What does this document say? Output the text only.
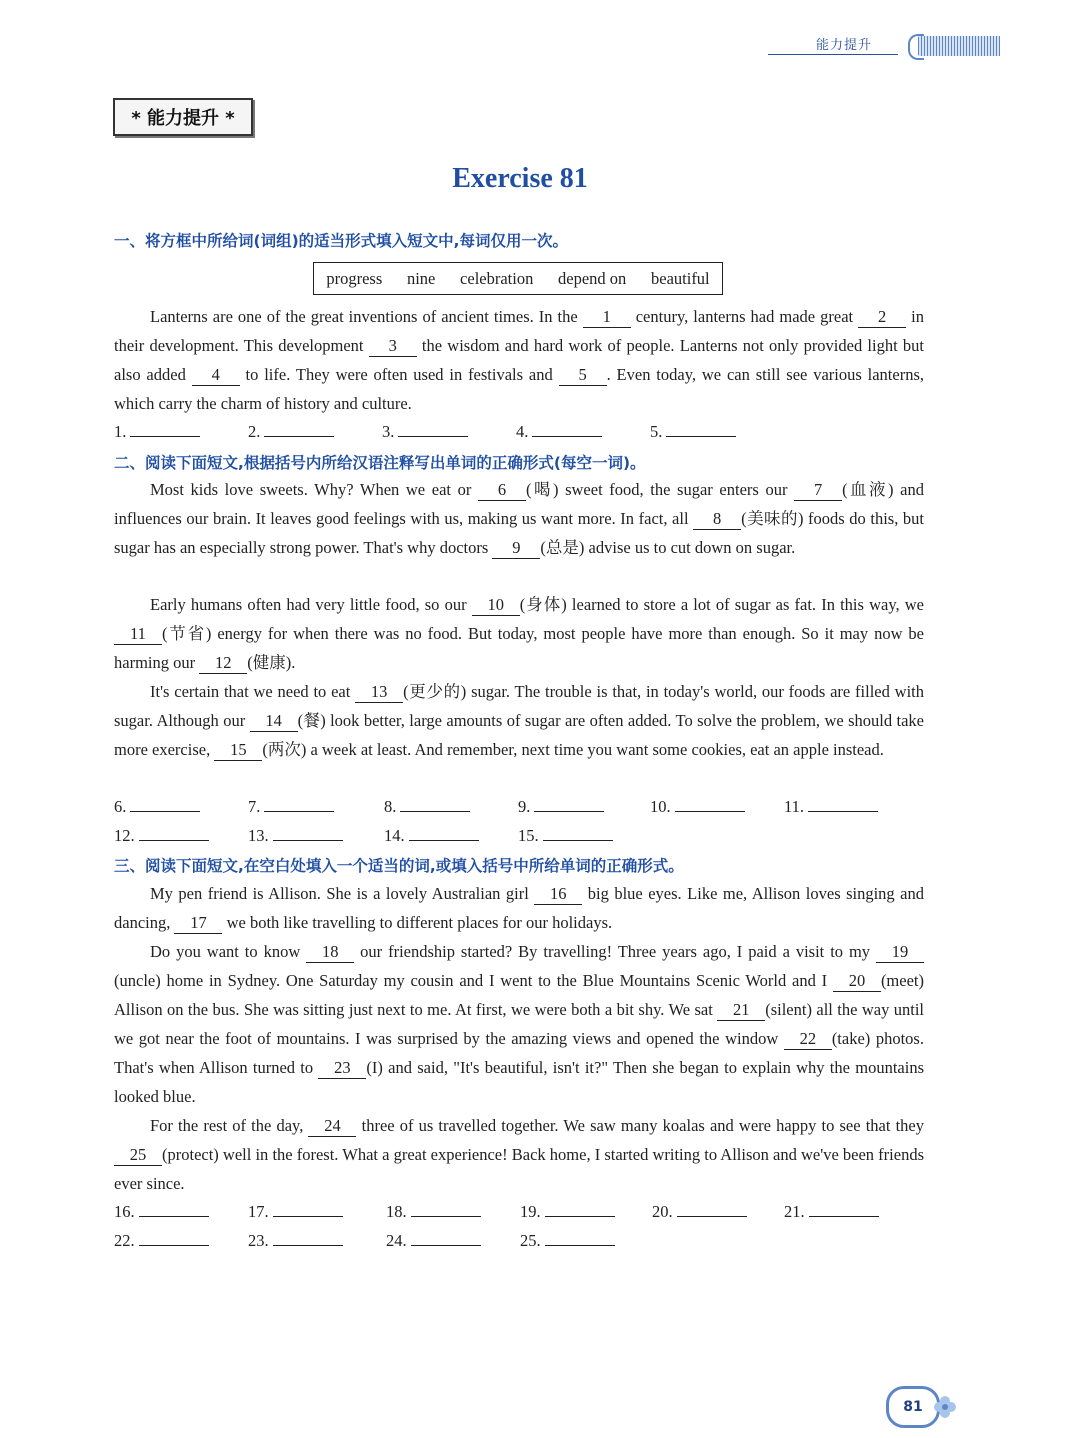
能力提升
* 能力提升 *
Exercise 81
一、将方框中所给词(词组)的适当形式填入短文中,每词仅用一次。
progress nine celebration depend on beautiful

Lanterns are one of the great inventions of ancient times. In the 1 century, lanterns had made great 2 in their development. This development 3 the wisdom and hard work of people. Lanterns not only provided light but also added 4 to life. They were often used in festivals and 5 . Even today, we can still see various lanterns, which carry the charm of history and culture.

1.	2.	3.	4.	5.
二、阅读下面短文,根据括号内所给汉语注释写出单词的正确形式(每空一词)。

Most kids love sweets. Why? When we eat or 6 (喝) sweet food, the sugar enters our 7 (血液) and influences our brain. It leaves good feelings with us, making us want more. In fact, all 8 (美味的) foods do this, but sugar has an especially strong power. That's why doctors 9 (总是) advise us to cut down on sugar.

Early humans often had very little food, so our 10 (身体) learned to store a lot of sugar as fat. In this way, we 11 (节省) energy for when there was no food. But today, most people have more than enough. So it may now be harming our 12 (健康).

It's certain that we need to eat 13 (更少的) sugar. The trouble is that, in today's world, our foods are filled with sugar. Although our 14 (餐) look better, large amounts of sugar are often added. To solve the problem, we should take more exercise, 15 (两次) a week at least. And remember, next time you want some cookies, eat an apple instead.

6.	7.	8.	9.	10.	11.
12.	13.	14.	15.
三、阅读下面短文,在空白处填入一个适当的词,或填入括号中所给单词的正确形式。

My pen friend is Allison. She is a lovely Australian girl 16 big blue eyes. Like me, Allison loves singing and dancing, 17 we both like travelling to different places for our holidays.

Do you want to know 18 our friendship started? By travelling! Three years ago, I paid a visit to my 19(uncle) home in Sydney. One Saturday my cousin and I went to the Blue Mountains Scenic World and I 20 (meet) Allison on the bus. She was sitting just next to me. At first, we were both a bit shy. We sat 21 (silent) all the way until we got near the foot of mountains. I was surprised by the amazing views and opened the window 22 (take) photos. That's when Allison turned to 23 (I) and said, "It's beautiful, isn't it?" Then she began to explain why the mountains looked blue.

For the rest of the day, 24 three of us travelled together. We saw many koalas and were happy to see that they 25 (protect) well in the forest. What a great experience! Back home, I started writing to Allison and we've been friends ever since.

16.	17.	18.	19.	20.	21.
22.	23.	24.	25.
81
